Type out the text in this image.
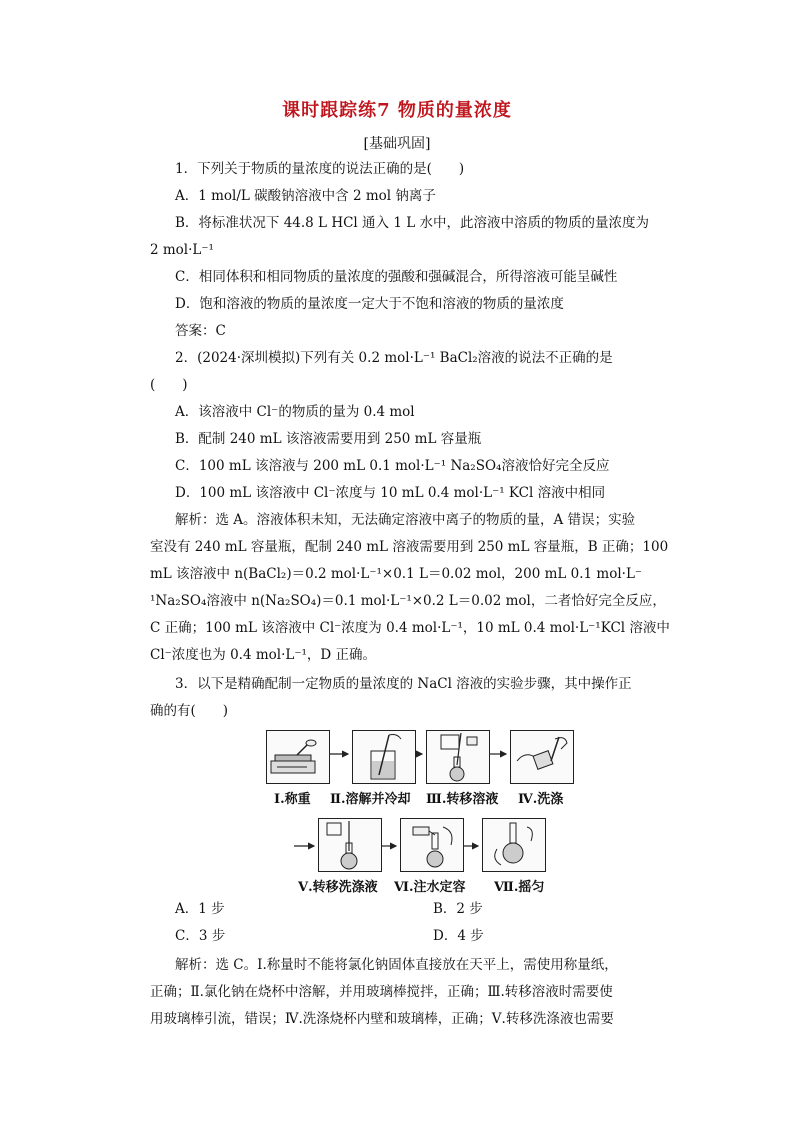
课时跟踪练7 物质的量浓度
[基础巩固]
1．下列关于物质的量浓度的说法正确的是(　　)
A．1 mol/L 碳酸钠溶液中含 2 mol 钠离子
B．将标准状况下 44.8 L HCl 通入 1 L 水中，此溶液中溶质的物质的量浓度为
2 mol·L⁻¹
C．相同体积和相同物质的量浓度的强酸和强碱混合，所得溶液可能呈碱性
D．饱和溶液的物质的量浓度一定大于不饱和溶液的物质的量浓度
答案：C
2．(2024·深圳模拟)下列有关 0.2 mol·L⁻¹ BaCl₂溶液的说法不正确的是
(　　)
A．该溶液中 Cl⁻的物质的量为 0.4 mol
B．配制 240 mL 该溶液需要用到 250 mL 容量瓶
C．100 mL 该溶液与 200 mL 0.1 mol·L⁻¹ Na₂SO₄溶液恰好完全反应
D．100 mL 该溶液中 Cl⁻浓度与 10 mL 0.4 mol·L⁻¹ KCl 溶液中相同
解析：选 A。溶液体积未知，无法确定溶液中离子的物质的量，A 错误；实验
室没有 240 mL 容量瓶，配制 240 mL 溶液需要用到 250 mL 容量瓶，B 正确；100
mL 该溶液中 n(BaCl₂)＝0.2 mol·L⁻¹×0.1 L＝0.02 mol，200 mL 0.1 mol·L⁻
¹Na₂SO₄溶液中 n(Na₂SO₄)＝0.1 mol·L⁻¹×0.2 L＝0.02 mol，二者恰好完全反应，
C 正确；100 mL 该溶液中 Cl⁻浓度为 0.4 mol·L⁻¹，10 mL 0.4 mol·L⁻¹KCl 溶液中
Cl⁻浓度也为 0.4 mol·L⁻¹，D 正确。
3．以下是精确配制一定物质的量浓度的 NaCl 溶液的实验步骤，其中操作正
确的有(　　)
Ⅰ.称重 Ⅱ.溶解并冷却 Ⅲ.转移溶液 Ⅳ.洗涤
Ⅴ.转移洗涤液 Ⅵ.注水定容 Ⅶ.摇匀
A．1 步	B．2 步
C．3 步	D．4 步
解析：选 C。Ⅰ.称量时不能将氯化钠固体直接放在天平上，需使用称量纸，
正确；Ⅱ.氯化钠在烧杯中溶解，并用玻璃棒搅拌，正确；Ⅲ.转移溶液时需要使
用玻璃棒引流，错误；Ⅳ.洗涤烧杯内壁和玻璃棒，正确；Ⅴ.转移洗涤液也需要
